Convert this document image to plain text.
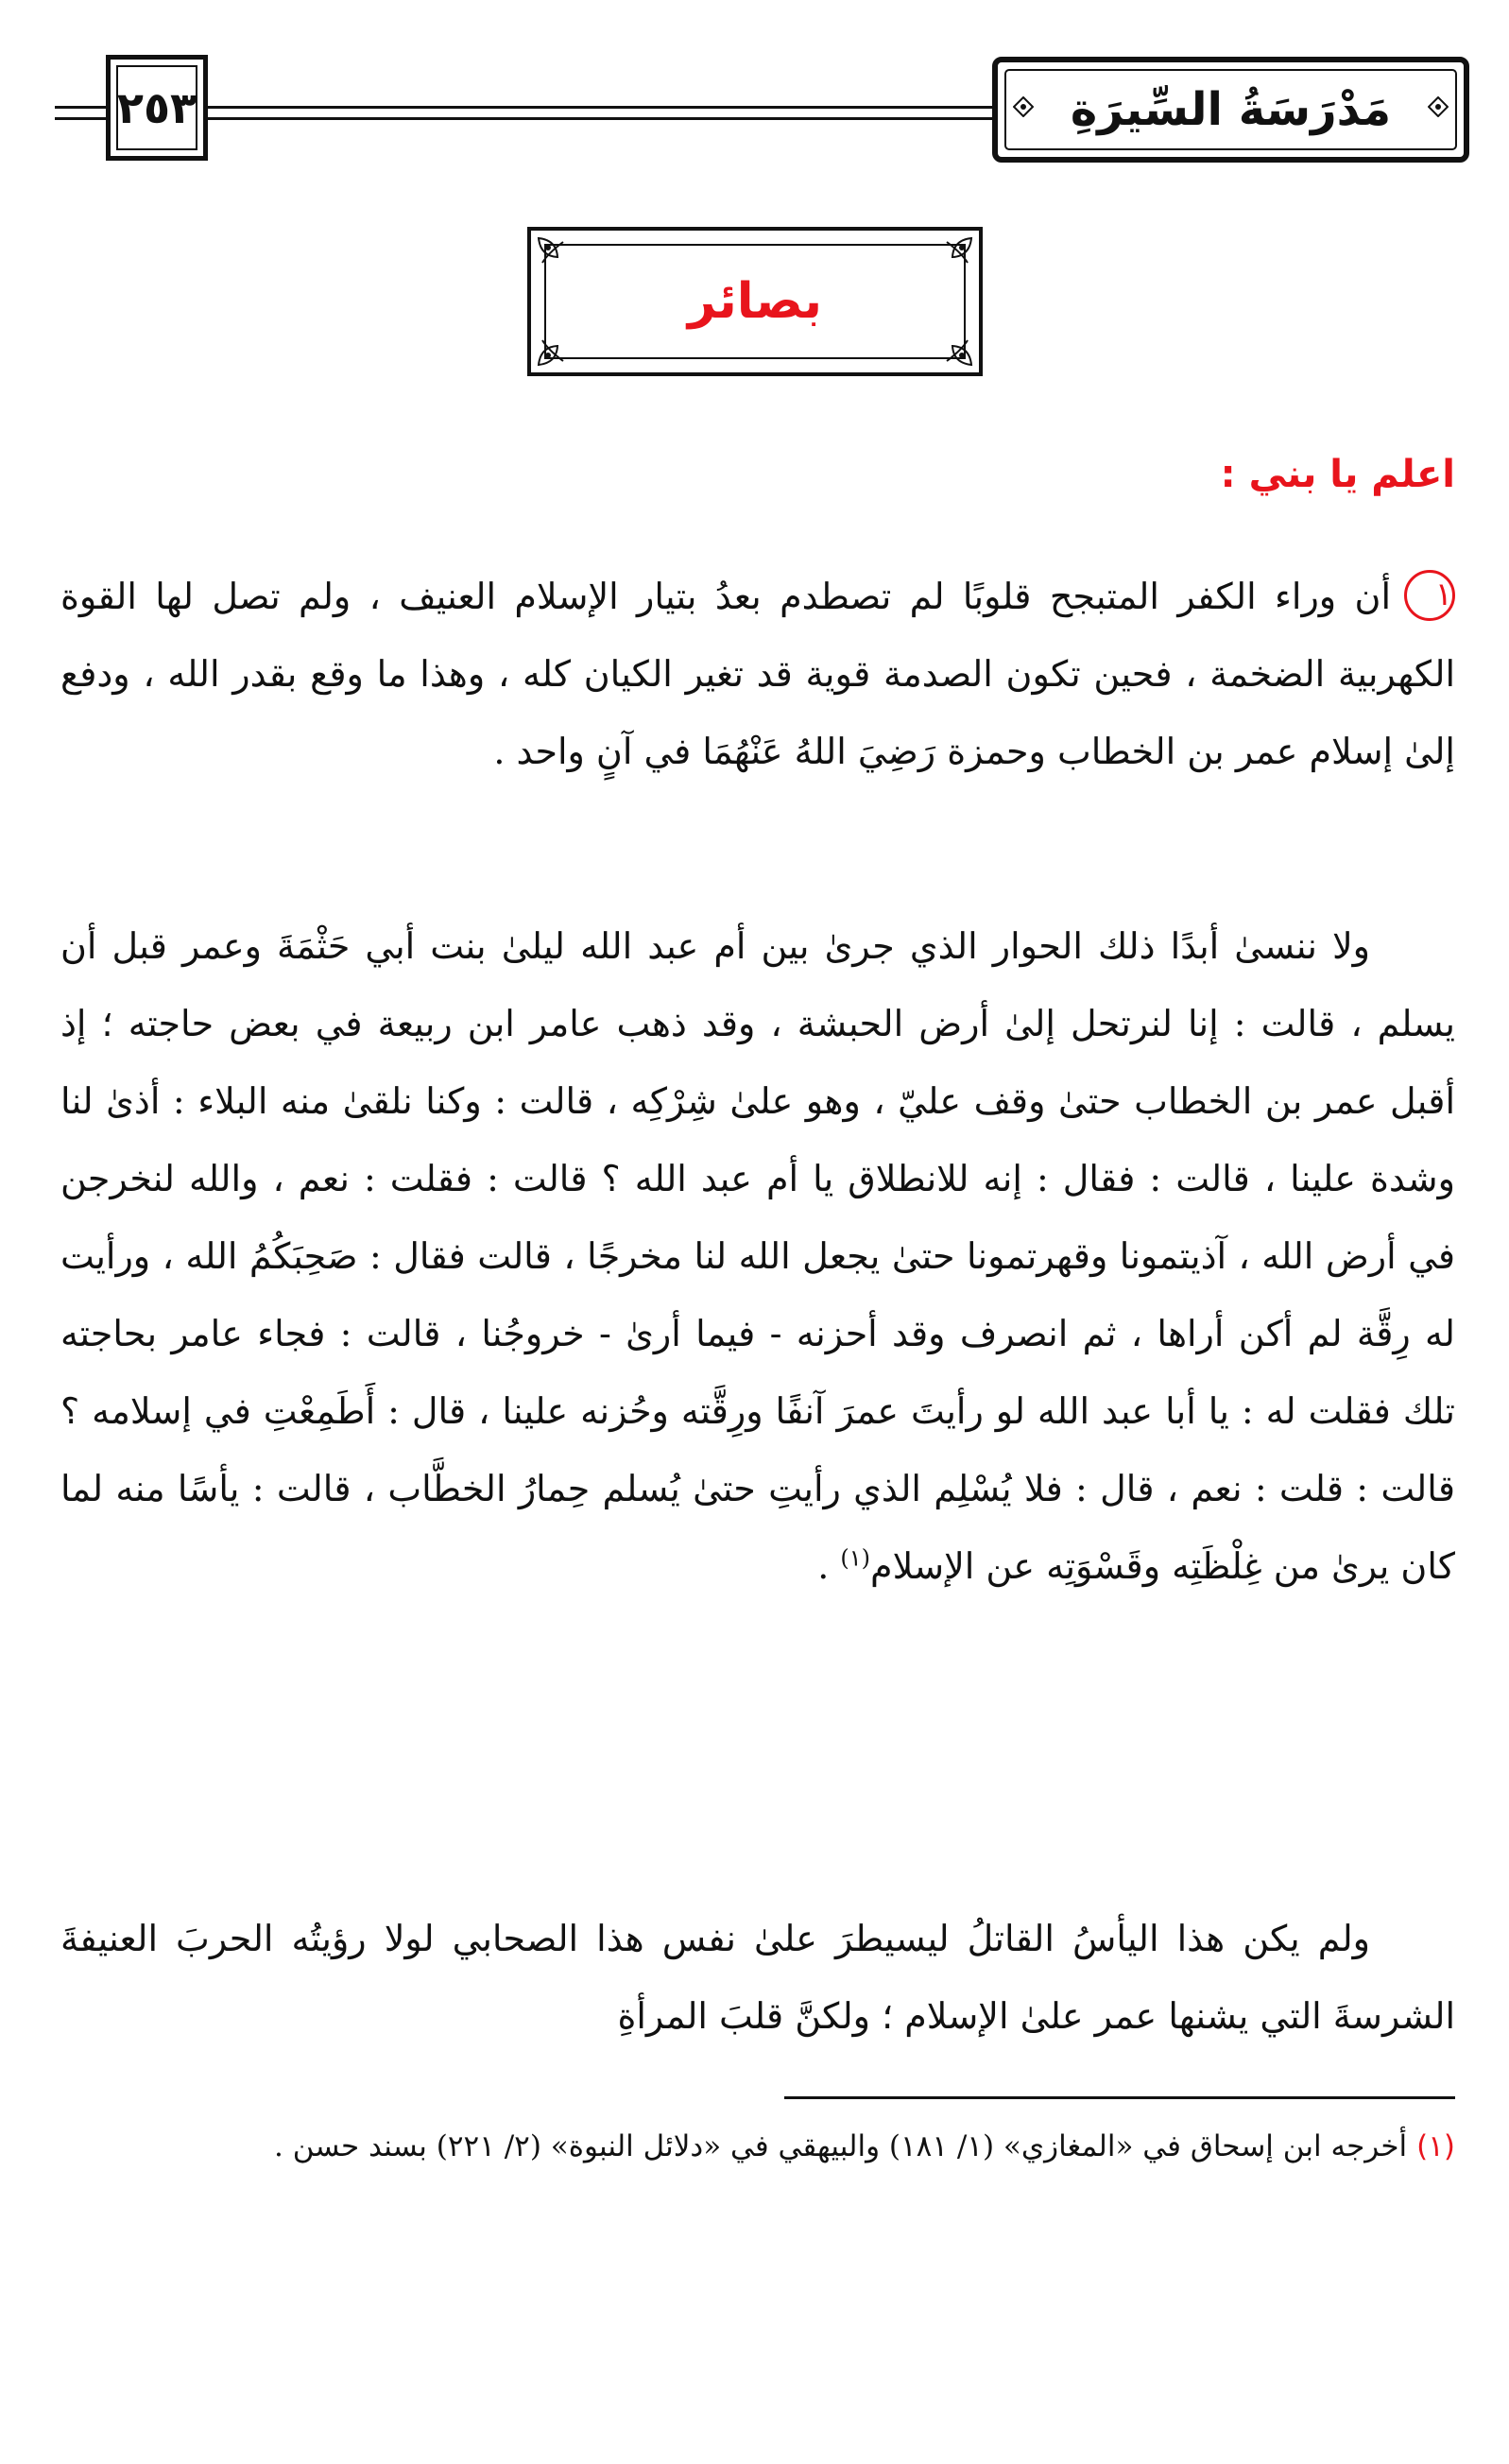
٢٥٣	مَدْرَسَةُ السِّيرَةِ
بصائر
اعلم يا بني :

١أن وراء الكفر المتبجح قلوبًا لم تصطدم بعدُ بتيار الإسلام العنيف ، ولم تصل لها القوة الكهربية الضخمة ، فحين تكون الصدمة قوية قد تغير الكيان كله ، وهذا ما وقع بقدر الله ، ودفع إلىٰ إسلام عمر بن الخطاب وحمزة رَضِيَ اللهُ عَنْهُمَا في آنٍ واحد .

ولا ننسىٰ أبدًا ذلك الحوار الذي جرىٰ بين أم عبد الله ليلىٰ بنت أبي حَثْمَةَ وعمر قبل أن يسلم ، قالت : إنا لنرتحل إلىٰ أرض الحبشة ، وقد ذهب عامر ابن ربيعة في بعض حاجته ؛ إذ أقبل عمر بن الخطاب حتىٰ وقف عليّ ، وهو علىٰ شِرْكِه ، قالت : وكنا نلقىٰ منه البلاء : أذىٰ لنا وشدة علينا ، قالت : فقال : إنه للانطلاق يا أم عبد الله ؟ قالت : فقلت : نعم ، والله لنخرجن في أرض الله ، آذيتمونا وقهرتمونا حتىٰ يجعل الله لنا مخرجًا ، قالت فقال : صَحِبَكُمُ الله ، ورأيت له رِقَّة لم أكن أراها ، ثم انصرف وقد أحزنه - فيما أرىٰ - خروجُنا ، قالت : فجاء عامر بحاجته تلك فقلت له : يا أبا عبد الله لو رأيتَ عمرَ آنفًا ورِقَّته وحُزنه علينا ، قال : أَطَمِعْتِ في إسلامه ؟ قالت : قلت : نعم ، قال : فلا يُسْلِم الذي رأيتِ حتىٰ يُسلم حِمارُ الخطَّاب ، قالت : يأسًا منه لما كان يرىٰ من غِلْظَتِه وقَسْوَتِه عن الإسلام$^{(١)}$ .

ولم يكن هذا اليأسُ القاتلُ ليسيطرَ علىٰ نفس هذا الصحابي لولا رؤيتُه الحربَ العنيفةَ الشرسةَ التي يشنها عمر علىٰ الإسلام ؛ ولكنَّ قلبَ المرأةِ

(١)أخرجه ابن إسحاق في «المغازي» (١/ ١٨١) والبيهقي في «دلائل النبوة» (٢/ ٢٢١) بسند حسن .
